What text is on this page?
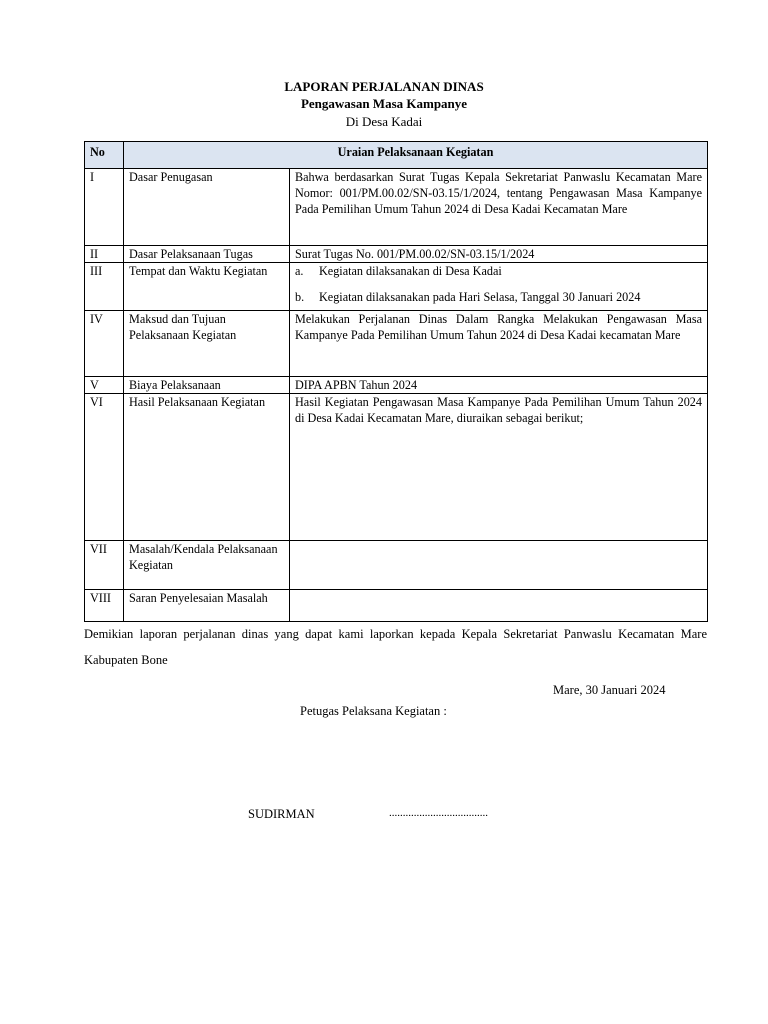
LAPORAN PERJALANAN DINAS
Pengawasan Masa Kampanye
Di Desa Kadai
No	Uraian Pelaksanaan Kegiatan	
I	Dasar Penugasan	Bahwa berdasarkan Surat Tugas Kepala Sekretariat Panwaslu Kecamatan Mare Nomor: 001/PM.00.02/SN-03.15/1/2024, tentang Pengawasan Masa Kampanye Pada Pemilihan Umum Tahun 2024 di Desa Kadai Kecamatan Mare
II	Dasar Pelaksanaan Tugas	Surat Tugas No. 001/PM.00.02/SN-03.15/1/2024
III	Tempat dan Waktu Kegiatan	a. Kegiatan dilaksanakan di Desa Kadai
b. Kegiatan dilaksanakan pada Hari Selasa, Tanggal 30 Januari 2024

IV	Maksud dan Tujuan Pelaksanaan Kegiatan	Melakukan Perjalanan Dinas Dalam Rangka Melakukan Pengawasan Masa Kampanye Pada Pemilihan Umum Tahun 2024 di Desa Kadai kecamatan Mare
V	Biaya Pelaksanaan	DIPA APBN Tahun 2024
VI	Hasil Pelaksanaan Kegiatan	Hasil Kegiatan Pengawasan Masa Kampanye Pada Pemilihan Umum Tahun 2024 di Desa Kadai Kecamatan Mare, diuraikan sebagai berikut;
VII	Masalah/Kendala Pelaksanaan Kegiatan	
VIII	Saran Penyelesaian Masalah	

Demikian laporan perjalanan dinas yang dapat kami laporkan kepada Kepala Sekretariat Panwaslu Kecamatan Mare Kabupaten Bone

Mare, 30 Januari 2024
Petugas Pelaksana Kegiatan :
SUDIRMAN	....................................
